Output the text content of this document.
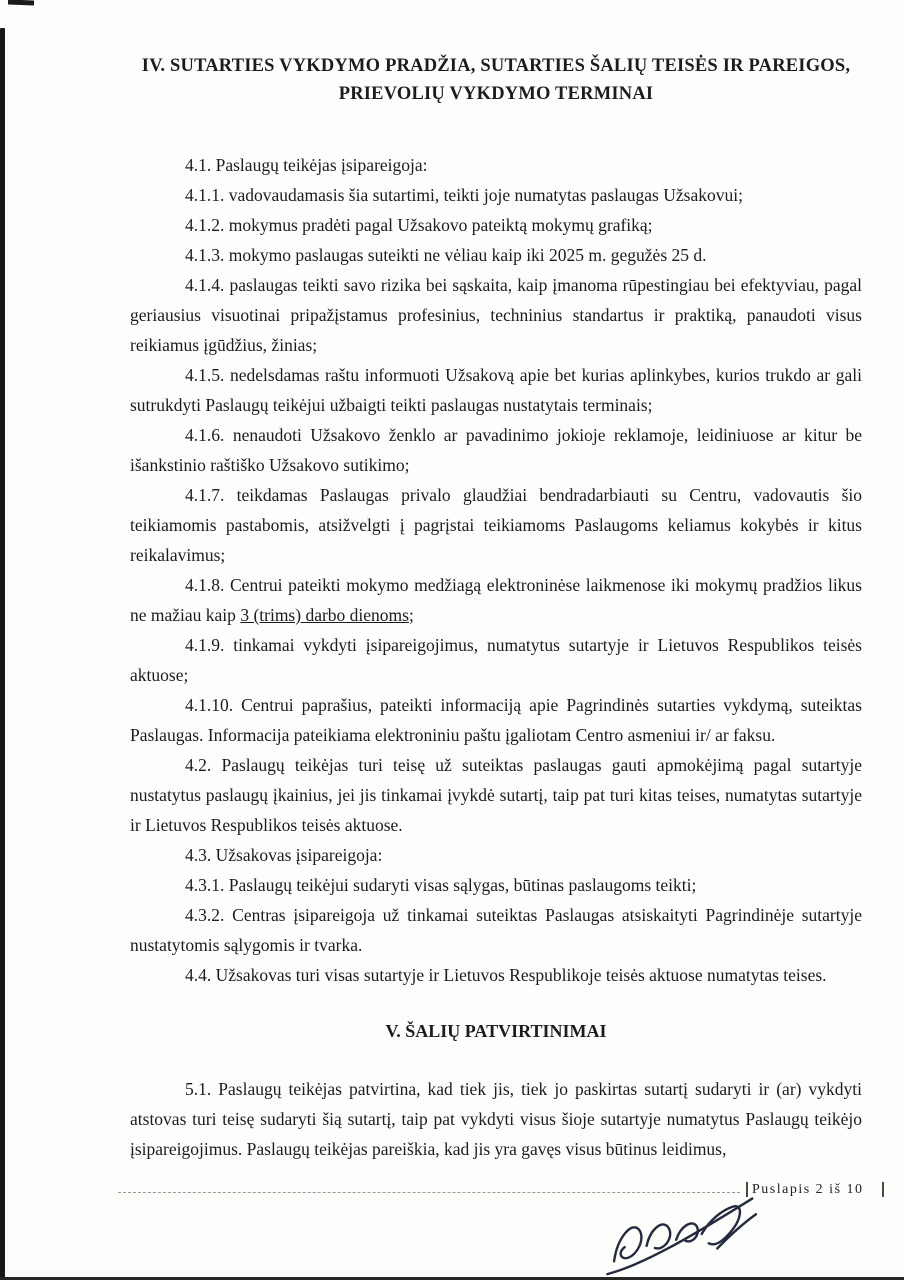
IV. SUTARTIES VYKDYMO PRADŽIA, SUTARTIES ŠALIŲ TEISĖS IR PAREIGOS,
PRIEVOLIŲ VYKDYMO TERMINAI

4.1. Paslaugų teikėjas įsipareigoja:

4.1.1. vadovaudamasis šia sutartimi, teikti joje numatytas paslaugas Užsakovui;

4.1.2. mokymus pradėti pagal Užsakovo pateiktą mokymų grafiką;

4.1.3. mokymo paslaugas suteikti ne vėliau kaip iki 2025 m. gegužės 25 d.

4.1.4. paslaugas teikti savo rizika bei sąskaita, kaip įmanoma rūpestingiau bei efektyviau, pagal geriausius visuotinai pripažįstamus profesinius, techninius standartus ir praktiką, panaudoti visus reikiamus įgūdžius, žinias;

4.1.5. nedelsdamas raštu informuoti Užsakovą apie bet kurias aplinkybes, kurios trukdo ar gali sutrukdyti Paslaugų teikėjui užbaigti teikti paslaugas nustatytais terminais;

4.1.6. nenaudoti Užsakovo ženklo ar pavadinimo jokioje reklamoje, leidiniuose ar kitur be išankstinio raštiško Užsakovo sutikimo;

4.1.7. teikdamas Paslaugas privalo glaudžiai bendradarbiauti su Centru, vadovautis šio teikiamomis pastabomis, atsižvelgti į pagrįstai teikiamoms Paslaugoms keliamus kokybės ir kitus reikalavimus;

4.1.8. Centrui pateikti mokymo medžiagą elektroninėse laikmenose iki mokymų pradžios likus ne mažiau kaip 3 (trims) darbo dienoms;

4.1.9. tinkamai vykdyti įsipareigojimus, numatytus sutartyje ir Lietuvos Respublikos teisės aktuose;

4.1.10. Centrui paprašius, pateikti informaciją apie Pagrindinės sutarties vykdymą, suteiktas Paslaugas. Informacija pateikiama elektroniniu paštu įgaliotam Centro asmeniui ir/ ar faksu.

4.2. Paslaugų teikėjas turi teisę už suteiktas paslaugas gauti apmokėjimą pagal sutartyje nustatytus paslaugų įkainius, jei jis tinkamai įvykdė sutartį, taip pat turi kitas teises, numatytas sutartyje ir Lietuvos Respublikos teisės aktuose.

4.3. Užsakovas įsipareigoja:

4.3.1. Paslaugų teikėjui sudaryti visas sąlygas, būtinas paslaugoms teikti;

4.3.2. Centras įsipareigoja už tinkamai suteiktas Paslaugas atsiskaityti Pagrindinėje sutartyje nustatytomis sąlygomis ir tvarka.

4.4. Užsakovas turi visas sutartyje ir Lietuvos Respublikoje teisės aktuose numatytas teises.

V. ŠALIŲ PATVIRTINIMAI

5.1. Paslaugų teikėjas patvirtina, kad tiek jis, tiek jo paskirtas sutartį sudaryti ir (ar) vykdyti atstovas turi teisę sudaryti šią sutartį, taip pat vykdyti visus šioje sutartyje numatytus Paslaugų teikėjo įsipareigojimus. Paslaugų teikėjas pareiškia, kad jis yra gavęs visus būtinus leidimus,

Puslapis 2 iš 10
